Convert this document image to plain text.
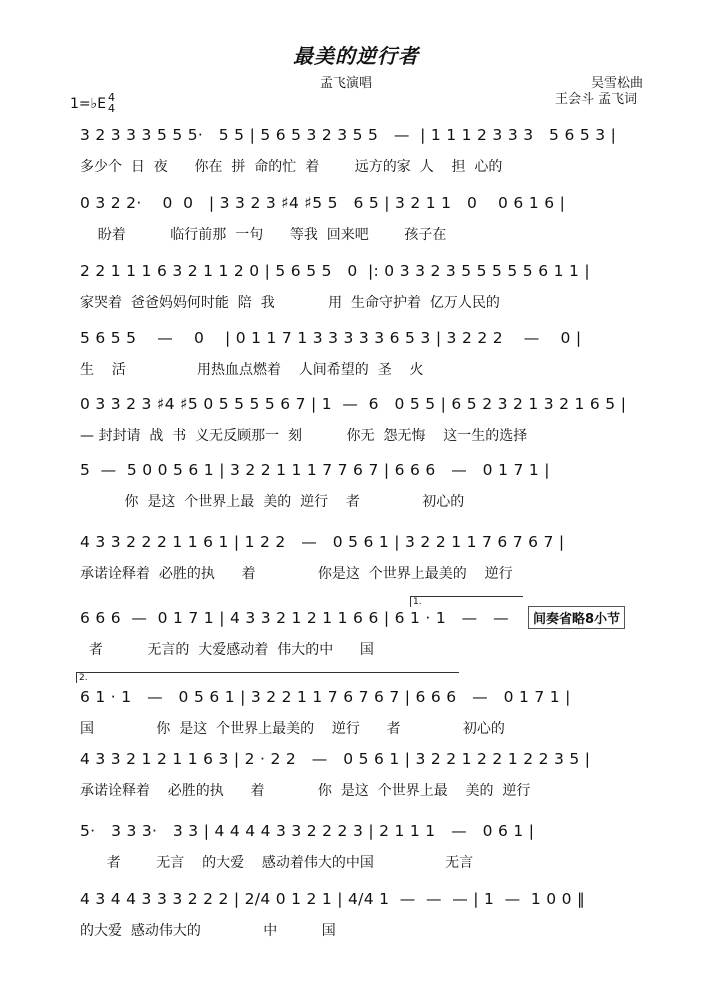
最美的逆行者
孟飞演唱	吴雪松曲
王会斗 孟飞词
1=♭E 4
4
3 2 3 3 3 5 5 5·   5 5 | 5 6 5 3 2 3 5 5   —  | 1 1 1 2 3 3 3   5 6 5 3 |
多少个  日  夜      你在  拼  命的忙  着        远方的家  人    担  心的
0 3 2 2·    0  0   | 3 3 2 3 ♯4 ♯5 5   6 5 | 3 2 1 1   0    0 6 1 6 |
盼着          临行前那  一句      等我  回来吧        孩子在
2 2 1 1 1 6 3 2 1 1 2 0 | 5 6 5 5   0  |: 0 3 3 2 3 5 5 5 5 5 6 1 1 |
家哭着  爸爸妈妈何时能  陪  我            用  生命守护着  亿万人民的
5 6 5 5    —    0    | 0 1 1 7 1 3 3 3 3 3 6 5 3 | 3 2 2 2    —    0 |
生    活                用热血点燃着    人间希望的  圣    火
0 3 3 2 3 ♯4 ♯5 0 5 5 5 5 6 7 | 1  —  6   0 5 5 | 6 5 2 3 2 1 3 2 1 6 5 |
— 封封请  战  书  义无反顾那一  刻          你无  怨无悔    这一生的选择
5  —  5 0 0 5 6 1 | 3 2 2 1 1 1 7 7 6 7 | 6 6 6   —   0 1 7 1 |
你  是这  个世界上最  美的  逆行    者              初心的
4 3 3 2 2 2 1 1 6 1 | 1 2 2   —   0 5 6 1 | 3 2 2 1 1 7 6 7 6 7 |
承诺诠释着  必胜的执      着              你是这  个世界上最美的    逆行
6 6 6  —  0 1 7 1 | 4 3 3 2 1 2 1 1 6 6 | 6 1 · 1   —   —
者          无言的  大爱感动着  伟大的中      国
1.
间奏省略8小节
2.
6 1 · 1   —   0 5 6 1 | 3 2 2 1 1 7 6 7 6 7 | 6 6 6   —   0 1 7 1 |
国              你  是这  个世界上最美的    逆行      者              初心的
4 3 3 2 1 2 1 1 6 3 | 2 · 2 2   —   0 5 6 1 | 3 2 2 1 2 2 1 2 2 3 5 |
承诺诠释着    必胜的执      着            你  是这  个世界上最    美的  逆行
5·   3 3 3·   3 3 | 4 4 4 4 3 3 2 2 2 3 | 2 1 1 1   —   0 6 1 |
者        无言    的大爱    感动着伟大的中国                无言
4 3 4 4 3 3 3 2 2 2 | 2/4 0 1 2 1 | 4/4 1  —  —  — | 1  —  1 0 0 ‖
的大爱  感动伟大的              中          国
